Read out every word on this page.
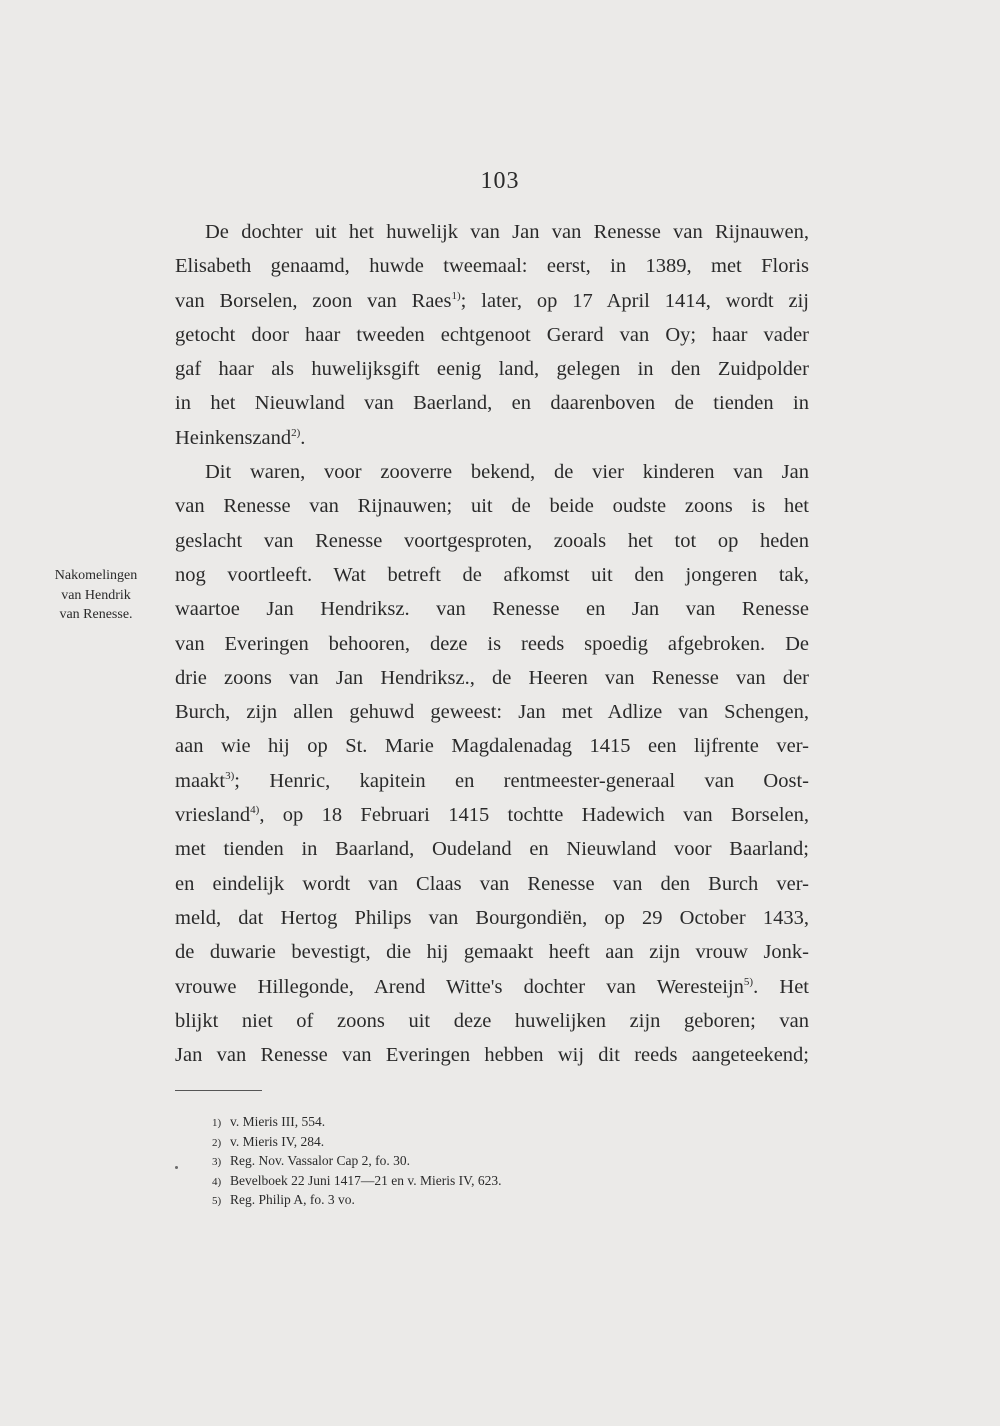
103
Nakomelingen
van Hendrik
van Renesse.
De dochter uit het huwelijk van Jan van Renesse van Rijnauwen,
Elisabeth genaamd, huwde tweemaal: eerst, in 1389, met Floris
van Borselen, zoon van Raes$^{1)}$; later, op 17 April 1414, wordt zij
getocht door haar tweeden echtgenoot Gerard van Oy; haar vader
gaf haar als huwelijksgift eenig land, gelegen in den Zuidpolder
in het Nieuwland van Baerland, en daarenboven de tienden in
Heinkenszand$^{2)}$.
Dit waren, voor zooverre bekend, de vier kinderen van Jan
van Renesse van Rijnauwen; uit de beide oudste zoons is het
geslacht van Renesse voortgesproten, zooals het tot op heden
nog voortleeft. Wat betreft de afkomst uit den jongeren tak,
waartoe Jan Hendriksz. van Renesse en Jan van Renesse
van Everingen behooren, deze is reeds spoedig afgebroken. De
drie zoons van Jan Hendriksz., de Heeren van Renesse van der
Burch, zijn allen gehuwd geweest: Jan met Adlize van Schengen,
aan wie hij op St. Marie Magdalenadag 1415 een lijfrente ver-
maakt$^{3)}$; Henric, kapitein en rentmeester-generaal van Oost-
vriesland$^{4)}$, op 18 Februari 1415 tochtte Hadewich van Borselen,
met tienden in Baarland, Oudeland en Nieuwland voor Baarland;
en eindelijk wordt van Claas van Renesse van den Burch ver-
meld, dat Hertog Philips van Bourgondiën, op 29 October 1433,
de duwarie bevestigt, die hij gemaakt heeft aan zijn vrouw Jonk-
vrouwe Hillegonde, Arend Witte's dochter van Weresteijn$^{5)}$. Het
blijkt niet of zoons uit deze huwelijken zijn geboren; van
Jan van Renesse van Everingen hebben wij dit reeds aangeteekend;
1) v. Mieris III, 554.
2) v. Mieris IV, 284.
3) Reg. Nov. Vassalor Cap 2, fo. 30.
4) Bevelboek 22 Juni 1417—21 en v. Mieris IV, 623.
5) Reg. Philip A, fo. 3 vo.
